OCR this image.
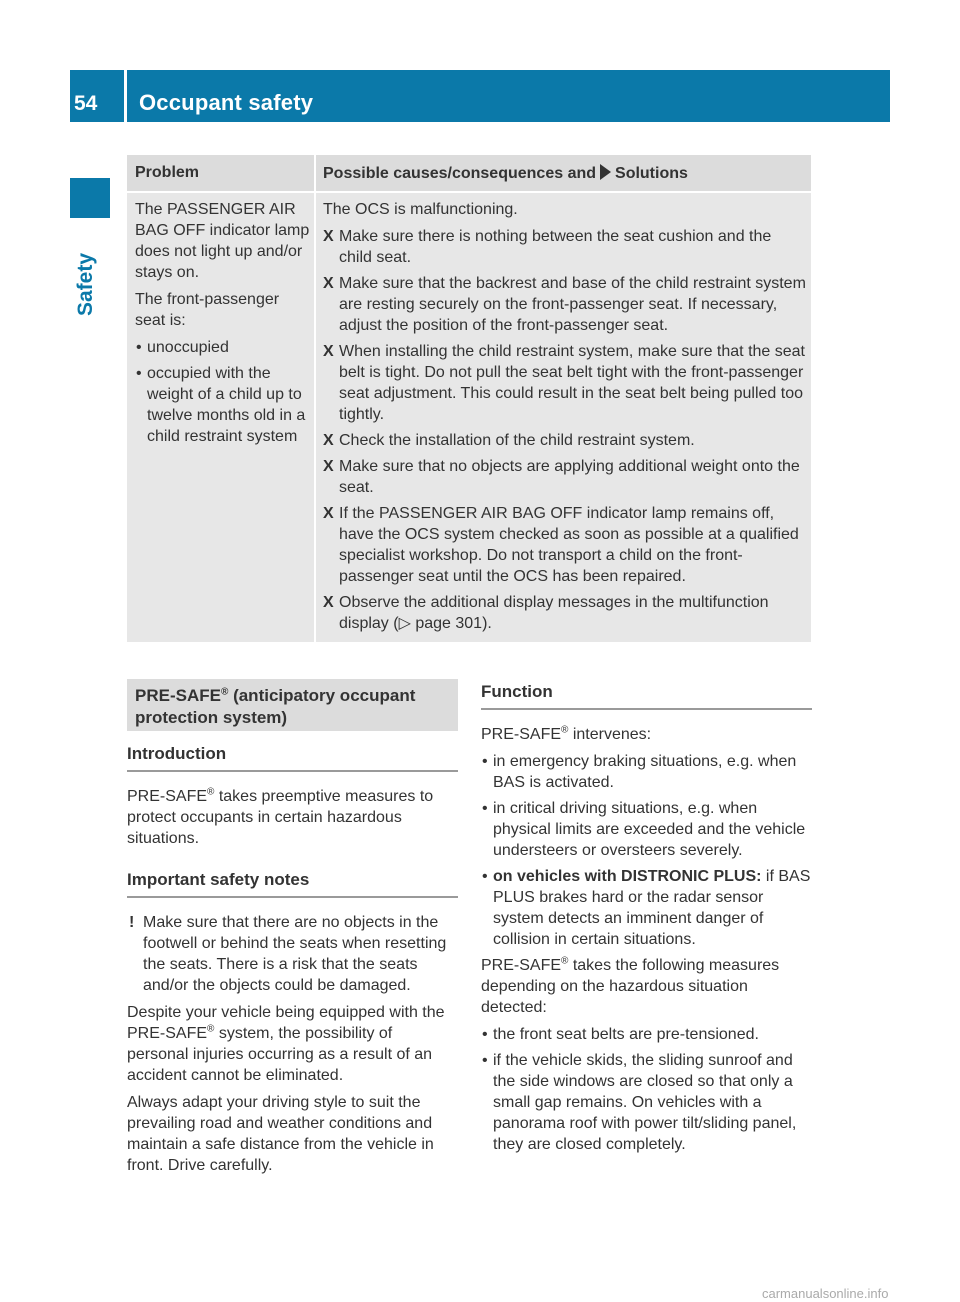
54	Occupant safety
Safety
Problem	Possible causes/consequences and Solutions

The PASSENGER AIR BAG OFF indicator lamp does not light up and/or stays on.

The front-passenger seat is:

• unoccupied
• occupied with the weight of a child up to twelve months old in a child restraint system

The OCS is malfunctioning.

X Make sure there is nothing between the seat cushion and the child seat.
X Make sure that the backrest and base of the child restraint system are resting securely on the front-passenger seat. If necessary, adjust the position of the front-passenger seat.
X When installing the child restraint system, make sure that the seat belt is tight. Do not pull the seat belt tight with the front-passenger seat adjustment. This could result in the seat belt being pulled too tightly.
X Check the installation of the child restraint system.
X Make sure that no objects are applying additional weight onto the seat.
X If the PASSENGER AIR BAG OFF indicator lamp remains off, have the OCS system checked as soon as possible at a qualified specialist workshop. Do not transport a child on the front-passenger seat until the OCS has been repaired.
X Observe the additional display messages in the multifunction display (▷ page 301).
PRE-SAFE® (anticipatory occupant protection system)
Introduction

PRE-SAFE® takes preemptive measures to protect occupants in certain hazardous situations.

Important safety notes
! Make sure that there are no objects in the footwell or behind the seats when resetting the seats. There is a risk that the seats and/or the objects could be damaged.

Despite your vehicle being equipped with the PRE-SAFE® system, the possibility of personal injuries occurring as a result of an accident cannot be eliminated.

Always adapt your driving style to suit the prevailing road and weather conditions and maintain a safe distance from the vehicle in front. Drive carefully.

Function

PRE-SAFE® intervenes:

• in emergency braking situations, e.g. when BAS is activated.
• in critical driving situations, e.g. when physical limits are exceeded and the vehicle understeers or oversteers severely.
• on vehicles with DISTRONIC PLUS: if BAS PLUS brakes hard or the radar sensor system detects an imminent danger of collision in certain situations.

PRE-SAFE® takes the following measures depending on the hazardous situation detected:

• the front seat belts are pre-tensioned.
• if the vehicle skids, the sliding sunroof and the side windows are closed so that only a small gap remains. On vehicles with a panorama roof with power tilt/sliding panel, they are closed completely.
carmanualsonline.info
